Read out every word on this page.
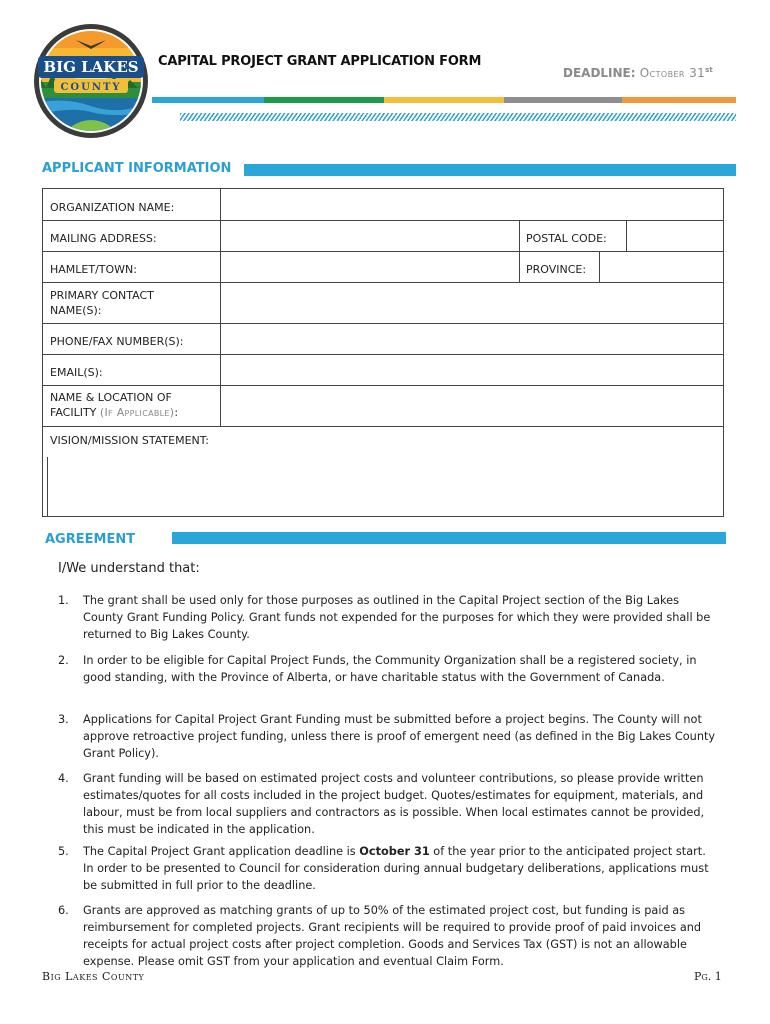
BIG LAKES
COUNTY
CAPITAL PROJECT GRANT APPLICATION FORM
DEADLINE: October 31st
APPLICANT INFORMATION
ORGANIZATION NAME:
MAILING ADDRESS:	POSTAL CODE:
HAMLET/TOWN:	PROVINCE:
PRIMARY CONTACT NAME(S):
PHONE/FAX NUMBER(S):
EMAIL(S):
NAME & LOCATION OF FACILITY (If Applicable):
VISION/MISSION STATEMENT:
AGREEMENT
I/We understand that:
1. The grant shall be used only for those purposes as outlined in the Capital Project section of the Big Lakes County Grant Funding Policy. Grant funds not expended for the purposes for which they were provided shall be returned to Big Lakes County.
2. In order to be eligible for Capital Project Funds, the Community Organization shall be a registered society, in good standing, with the Province of Alberta, or have charitable status with the Government of Canada.
3. Applications for Capital Project Grant Funding must be submitted before a project begins. The County will not approve retroactive project funding, unless there is proof of emergent need (as defined in the Big Lakes County Grant Policy).
4. Grant funding will be based on estimated project costs and volunteer contributions, so please provide written estimates/quotes for all costs included in the project budget. Quotes/estimates for equipment, materials, and labour, must be from local suppliers and contractors as is possible. When local estimates cannot be provided, this must be indicated in the application.
5. The Capital Project Grant application deadline is October 31 of the year prior to the anticipated project start. In order to be presented to Council for consideration during annual budgetary deliberations, applications must be submitted in full prior to the deadline.
6. Grants are approved as matching grants of up to 50% of the estimated project cost, but funding is paid as reimbursement for completed projects. Grant recipients will be required to provide proof of paid invoices and receipts for actual project costs after project completion. Goods and Services Tax (GST) is not an allowable expense. Please omit GST from your application and eventual Claim Form.
Big Lakes County	Pg. 1
